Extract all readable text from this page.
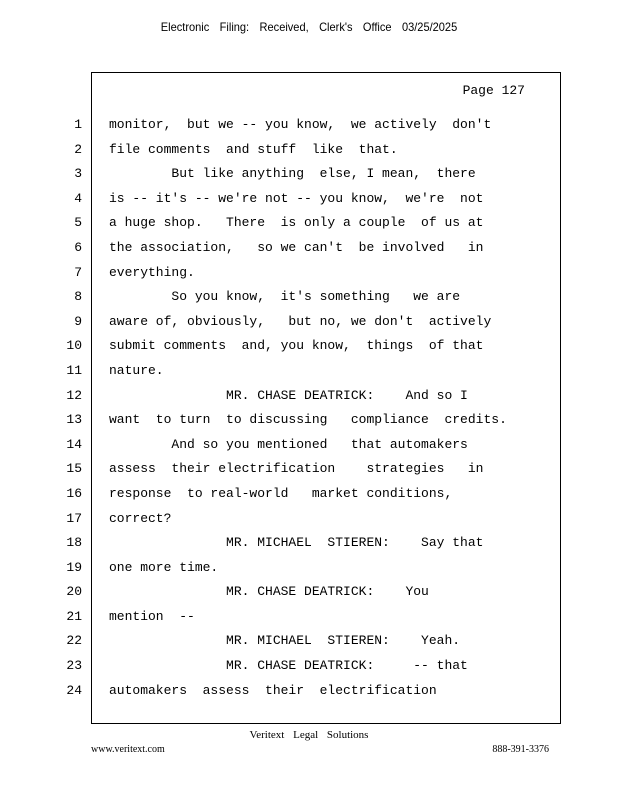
Electronic Filing: Received, Clerk's Office 03/25/2025
Page 127
1
2
3
4
5
6
7
8
9
10
11
12
13
14
15
16
17
18
19
20
21
22
23
24
monitor,  but we -- you know,  we actively  don't
file comments  and stuff  like  that.
But like anything  else, I mean,  there
is -- it's -- we're not -- you know,  we're  not
a huge shop.   There  is only a couple  of us at
the association,   so we can't  be involved   in
everything.
So you know,  it's something   we are
aware of, obviously,   but no, we don't  actively
submit comments  and, you know,  things  of that
nature.
MR. CHASE DEATRICK:    And so I
want  to turn  to discussing   compliance  credits.
And so you mentioned   that automakers
assess  their electrification    strategies   in
response  to real-world   market conditions,
correct?
MR. MICHAEL  STIEREN:    Say that
one more time.
MR. CHASE DEATRICK:    You
mention  --
MR. MICHAEL  STIEREN:    Yeah.
MR. CHASE DEATRICK:     -- that
automakers  assess  their  electrification
Veritext Legal Solutions
www.veritext.com	888-391-3376
